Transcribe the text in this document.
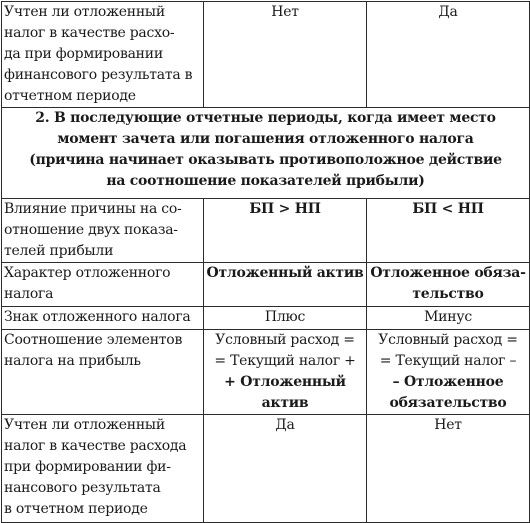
Учтен ли отложенный
налог в качестве расхо-
да при формировании
финансового результата в
отчетном периоде	Нет	Да

2. В последующие отчетные периоды, когда имеет место
момент зачета или погашения отложенного налога
(причина начинает оказывать противоположное действие
на соотношение показателей прибыли)		

Влияние причины на со-
отношение двух показа-
телей прибыли	БП > НП	БП < НП

Характер отложенного
налога	Отложенный актив	Отложенное обяза-
тельство

Знак отложенного налога	Плюс	Минус

Соотношение элементов
налога на прибыль	Условный расход =
= Текущий налог +
+ Отложенный
актив	Условный расход =
= Текущий налог –
– Отложенное
обязательство

Учтен ли отложенный
налог в качестве расхода
при формировании фи-
нансового результата
в отчетном периоде	Да	Нет
